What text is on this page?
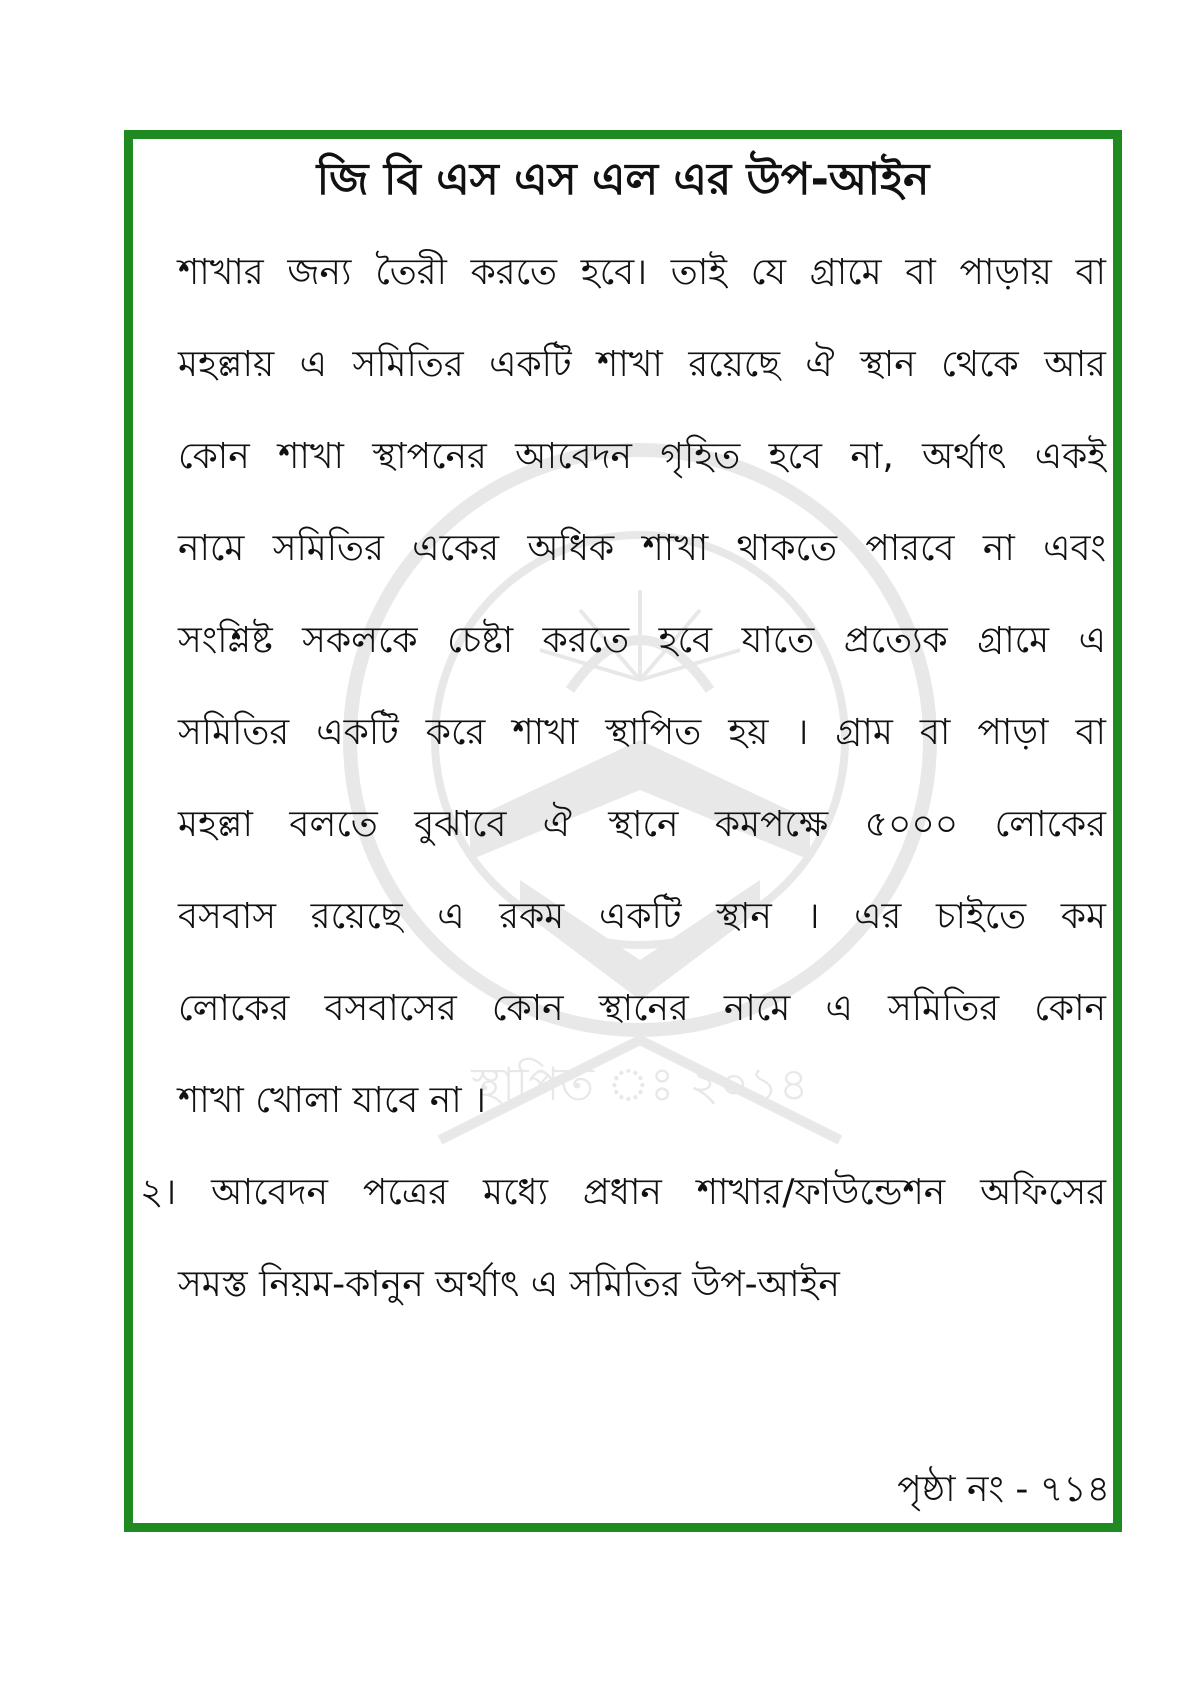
স্থাপিত ঃ ২০১৪
জি বি এস এস এল এর উপ-আইন
শাখার জন্য তৈরী করতে হবে। তাই যে গ্রামে বা পাড়ায় বা
মহল্লায় এ সমিতির একটি শাখা রয়েছে ঐ স্থান থেকে আর
কোন শাখা স্থাপনের আবেদন গৃহিত হবে না, অর্থাৎ একই
নামে সমিতির একের অধিক শাখা থাকতে পারবে না এবং
সংশ্লিষ্ট সকলকে চেষ্টা করতে হবে যাতে প্রত্যেক গ্রামে এ
সমিতির একটি করে শাখা স্থাপিত হয় । গ্রাম বা পাড়া বা
মহল্লা বলতে বুঝাবে ঐ স্থানে কমপক্ষে ৫০০০ লোকের
বসবাস রয়েছে এ রকম একটি স্থান । এর চাইতে কম
লোকের বসবাসের কোন স্থানের নামে এ সমিতির কোন
শাখা খোলা যাবে না ।
২। আবেদন পত্রের মধ্যে প্রধান শাখার/ফাউন্ডেশন অফিসের
সমস্ত নিয়ম-কানুন অর্থাৎ এ সমিতির উপ-আইন
পৃষ্ঠা নং - ৭১৪
